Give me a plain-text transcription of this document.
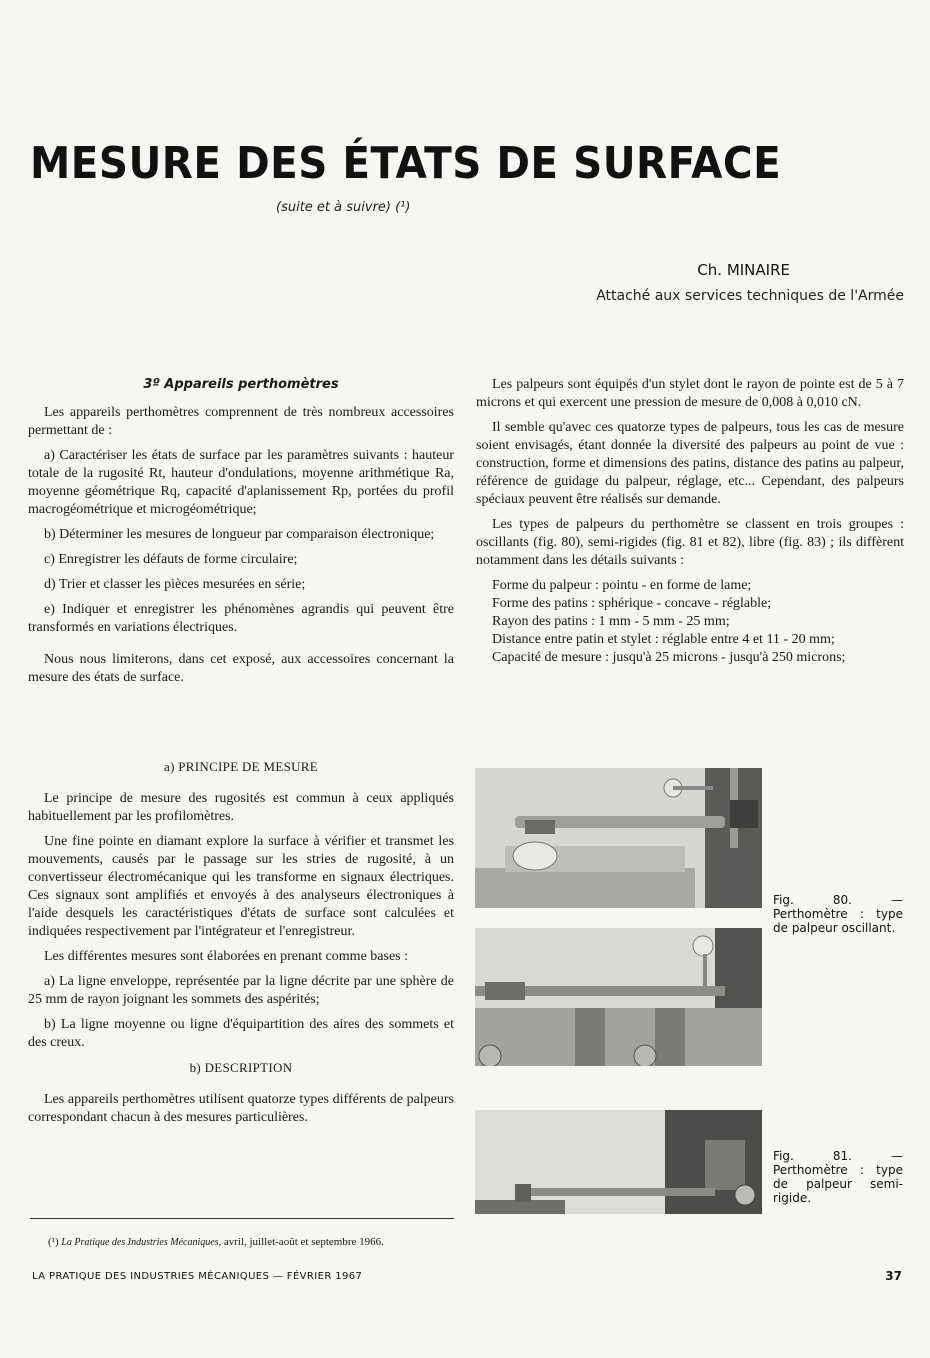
MESURE DES ÉTATS DE SURFACE
(suite et à suivre) (¹)
Ch. MINAIRE
Attaché aux services techniques de l'Armée
3º Appareils perthomètres

Les appareils perthomètres comprennent de très nombreux accessoires permettant de :

a) Caractériser les états de surface par les paramètres suivants : hauteur totale de la rugosité Rt, hauteur d'ondulations, moyenne arithmétique Ra, moyenne géométrique Rq, capacité d'aplanissement Rp, portées du profil macrogéométrique et microgéométrique;

b) Déterminer les mesures de longueur par comparaison électronique;

c) Enregistrer les défauts de forme circulaire;

d) Trier et classer les pièces mesurées en série;

e) Indiquer et enregistrer les phénomènes agrandis qui peuvent être transformés en variations électriques.

Nous nous limiterons, dans cet exposé, aux accessoires concernant la mesure des états de surface.

Les palpeurs sont équipés d'un stylet dont le rayon de pointe est de 5 à 7 microns et qui exercent une pression de mesure de 0,008 à 0,010 cN.

Il semble qu'avec ces quatorze types de palpeurs, tous les cas de mesure soient envisagés, étant donnée la diversité des palpeurs au point de vue : construction, forme et dimensions des patins, distance des patins au palpeur, référence de guidage du palpeur, réglage, etc... Cependant, des palpeurs spéciaux peuvent être réalisés sur demande.

Les types de palpeurs du perthomètre se classent en trois groupes : oscillants (fig. 80), semi-rigides (fig. 81 et 82), libre (fig. 83) ; ils diffèrent notamment dans les détails suivants :

Forme du palpeur : pointu - en forme de lame;
Forme des patins : sphérique - concave - réglable;
Rayon des patins : 1 mm - 5 mm - 25 mm;
Distance entre patin et stylet : réglable entre 4 et 11 - 20 mm;
Capacité de mesure : jusqu'à 25 microns - jusqu'à 250 microns;
a) PRINCIPE DE MESURE

Le principe de mesure des rugosités est commun à ceux appliqués habituellement par les profilomètres.

Une fine pointe en diamant explore la surface à vérifier et transmet les mouvements, causés par le passage sur les stries de rugosité, à un convertisseur électromécanique qui les transforme en signaux électriques. Ces signaux sont amplifiés et envoyés à des analyseurs électroniques à l'aide desquels les caractéristiques d'états de surface sont calculées et indiquées respectivement par l'intégrateur et l'enregistreur.

Les différentes mesures sont élaborées en prenant comme bases :

a) La ligne enveloppe, représentée par la ligne décrite par une sphère de 25 mm de rayon joignant les sommets des aspérités;

b) La ligne moyenne ou ligne d'équipartition des aires des sommets et des creux.

b) DESCRIPTION

Les appareils perthomètres utilisent quatorze types différents de palpeurs correspondant chacun à des mesures particulières.

Fig. 80. — Perthomètre : type de palpeur oscillant.
Fig. 81. — Perthomètre : type de palpeur semi-rigide.
(¹) La Pratique des Industries Mécaniques, avril, juillet-août et septembre 1966.
LA PRATIQUE DES INDUSTRIES MÉCANIQUES — FÉVRIER 1967	37
